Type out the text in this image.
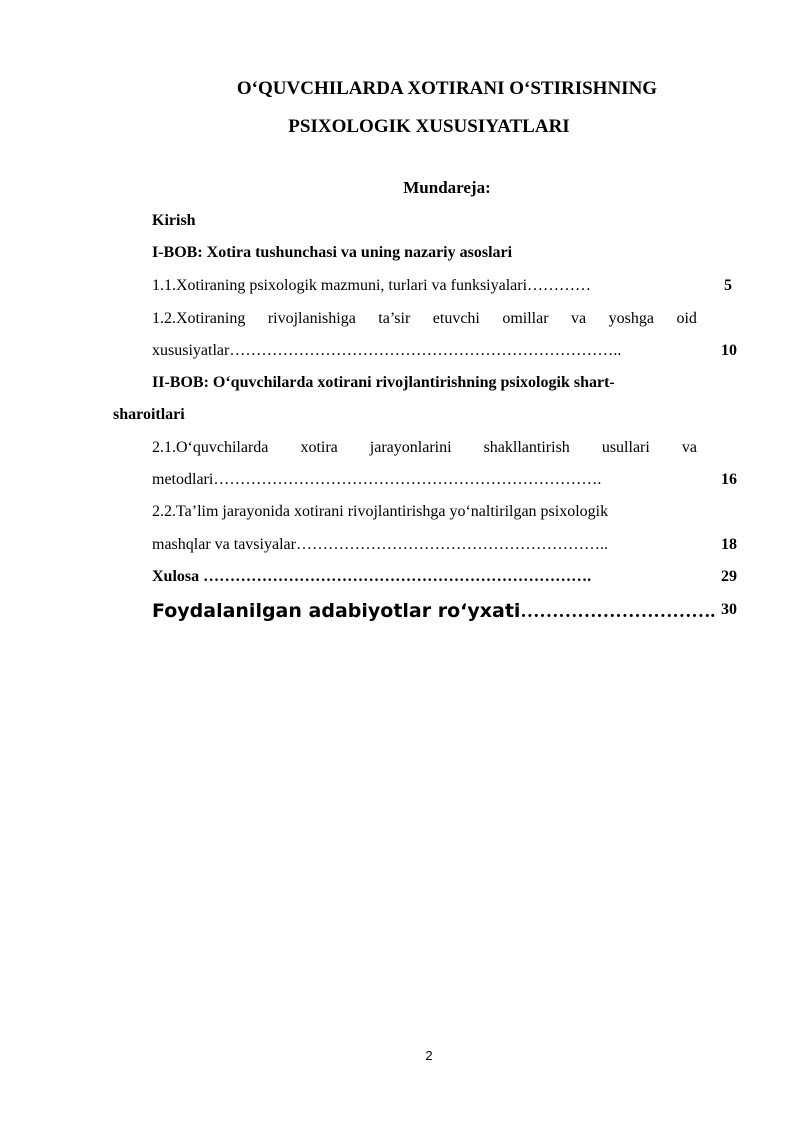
O‘QUVCHILARDA XOTIRANI O‘STIRISHNING
PSIXOLOGIK XUSUSIYATLARI
Mundareja:
Kirish
I-BOB: Xotira tushunchasi va uning nazariy asoslari
1.1.Xotiraning psixologik mazmuni, turlari va funksiyalari…………	5
1.2.Xotiraning rivojlanishiga ta’sir etuvchi omillar va yoshga oid
xususiyatlar………………………………………………………………..	10
II-BOB: O‘quvchilarda xotirani rivojlantirishning psixologik shart-
sharoitlari
2.1.O‘quvchilarda xotira jarayonlarini shakllantirish usullari va
metodlari……………………………………………………………….	16
2.2.Ta’lim jarayonida xotirani rivojlantirishga yo‘naltirilgan psixologik
mashqlar va tavsiyalar…………………………………………………..	18
Xulosa ……………………………………………………………….	29
Foydalanilgan adabiyotlar ro‘yxati…………………………. 30
2
